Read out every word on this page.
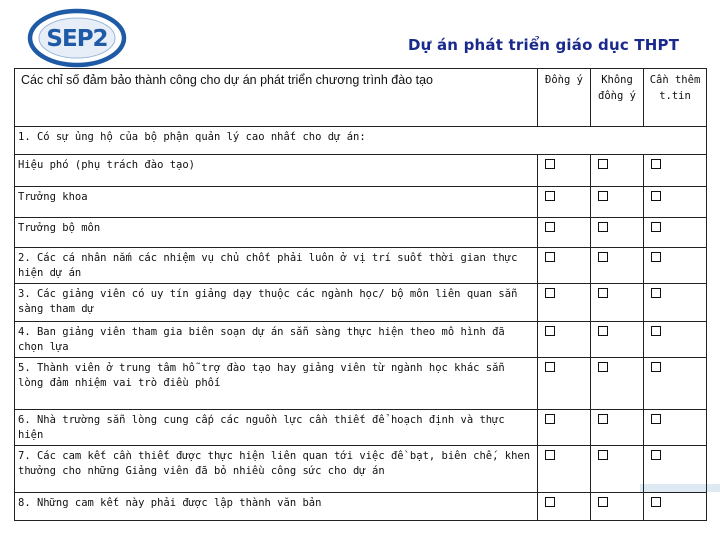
SEP2	Dự án phát triển giáo dục THPT
Các chỉ số đảm bảo thành công cho dự án phát triển chương trình đào tạo	Đồng ý	Không đồng ý	Cần thêm t.tin
1. Có sự ủng hộ của bộ phận quản lý cao nhất cho dự án:			
Hiệu phó (phụ trách đào tạo)			
Trưởng khoa			
Trưởng bộ môn			
2. Các cá nhân nắm các nhiệm vụ chủ chốt phải luôn ở vị trí suốt thời gian thực hiện dự án			
3. Các giảng viên có uy tín giảng dạy thuộc các ngành học/ bộ môn liên quan sẵn sàng tham dự			
4. Ban giảng viên tham gia biên soạn dự án sẵn sàng thực hiện theo mô hình đã chọn lựa			
5. Thành viên ở trung tâm hỗ trợ đào tạo hay giảng viên từ ngành học khác sẵn lòng đảm nhiệm vai trò điều phối			
6. Nhà trường sẵn lòng cung cấp các nguồn lực cần thiết để hoạch định và thực hiện			
7. Các cam kết cần thiết được thực hiện liên quan tới việc đề bạt, biên chế, khen thưởng cho những Giảng viên đã bỏ nhiều công sức cho dự án			
8. Những cam kết này phải được lập thành văn bản			
